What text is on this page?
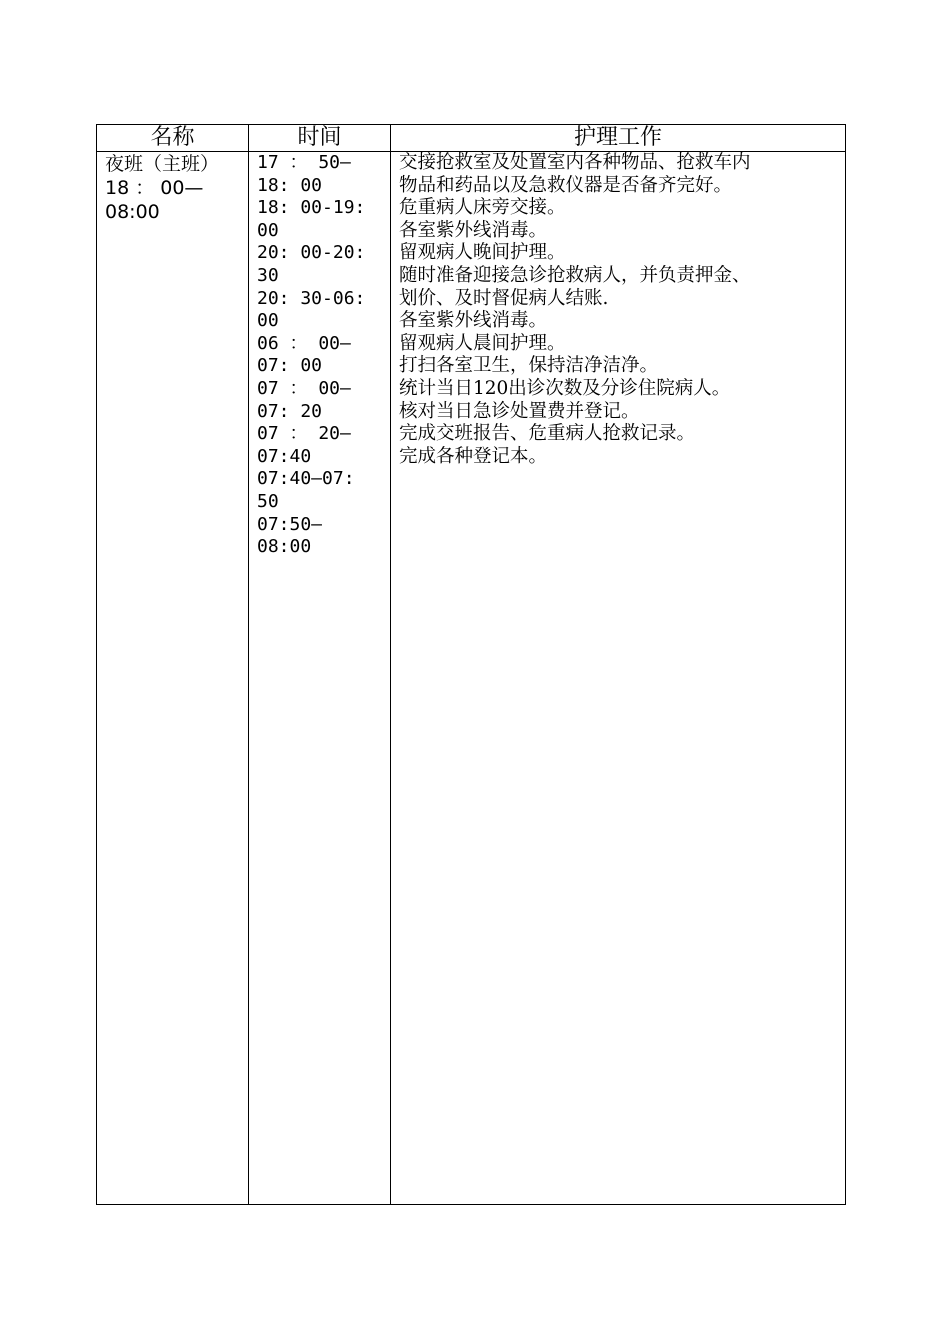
名称	时间	护理工作
夜班（主班）
18 ： 00—
08:00
17 ： 50—
18: 00
18: 00-19:
00
20: 00-20:
30
20: 30-06:
00
06 ： 00—
07: 00
07 ： 00—
07: 20
07 ： 20—
07:40
07:40—07:
50
07:50—
08:00
交接抢救室及处置室内各种物品、抢救车内
物品和药品以及急救仪器是否备齐完好。
危重病人床旁交接。
各室紫外线消毒。
留观病人晚间护理。
随时准备迎接急诊抢救病人，并负责押金、
划价、及时督促病人结账.
各室紫外线消毒。
留观病人晨间护理。
打扫各室卫生，保持洁净洁净。
统计当日120出诊次数及分诊住院病人。
核对当日急诊处置费并登记。
完成交班报告、危重病人抢救记录。
完成各种登记本。
